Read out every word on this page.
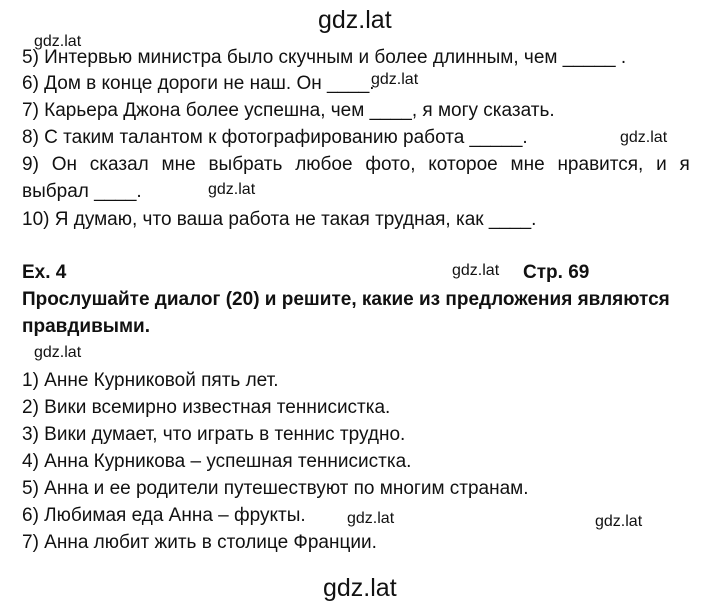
gdz.lat
gdz.lat
gdz.lat
gdz.lat
gdz.lat
gdz.lat
gdz.lat
gdz.lat	gdz.lat
5) Интервью министра было скучным и более длинным, чем _____ .
6) Дом в конце дороги не наш. Он ____.
7) Карьера Джона более успешна, чем ____, я могу сказать.
8) С таким талантом к фотографированию работа _____.
9) Он сказал мне выбрать любое фото, которое мне нравится, и я
выбрал ____.
10) Я думаю, что ваша работа не такая трудная, как ____.
Ex. 4	Стр. 69
Прослушайте диалог (20) и решите, какие из предложения являются
правдивыми.
1) Анне Курниковой пять лет.
2) Вики всемирно известная теннисистка.
3) Вики думает, что играть в теннис трудно.
4) Анна Курникова – успешная теннисистка.
5) Анна и ее родители путешествуют по многим странам.
6) Любимая еда Анна – фрукты.
7) Анна любит жить в столице Франции.
gdz.lat
